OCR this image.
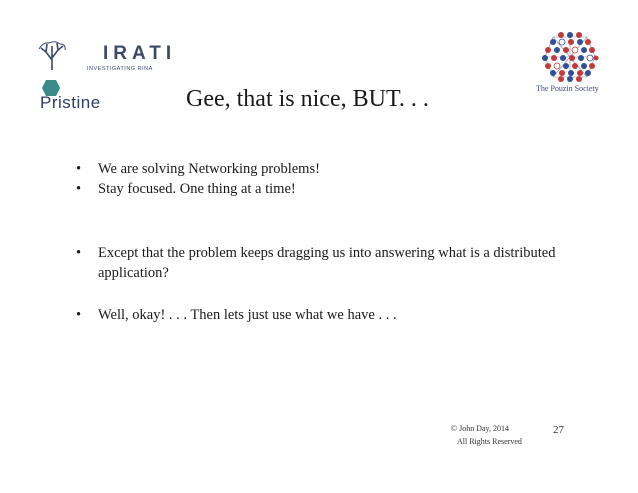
IRATI
INVESTIGATING RINA
Pristine
The Pouzin Society
Gee, that is nice, BUT. . .
• We are solving Networking problems!
• Stay focused. One thing at a time!
• Except that the problem keeps dragging us into answering what is a distributed application?
• Well, okay! . . . Then lets just use what we have . . .
© John Day, 2014
All Rights Reserved
27
